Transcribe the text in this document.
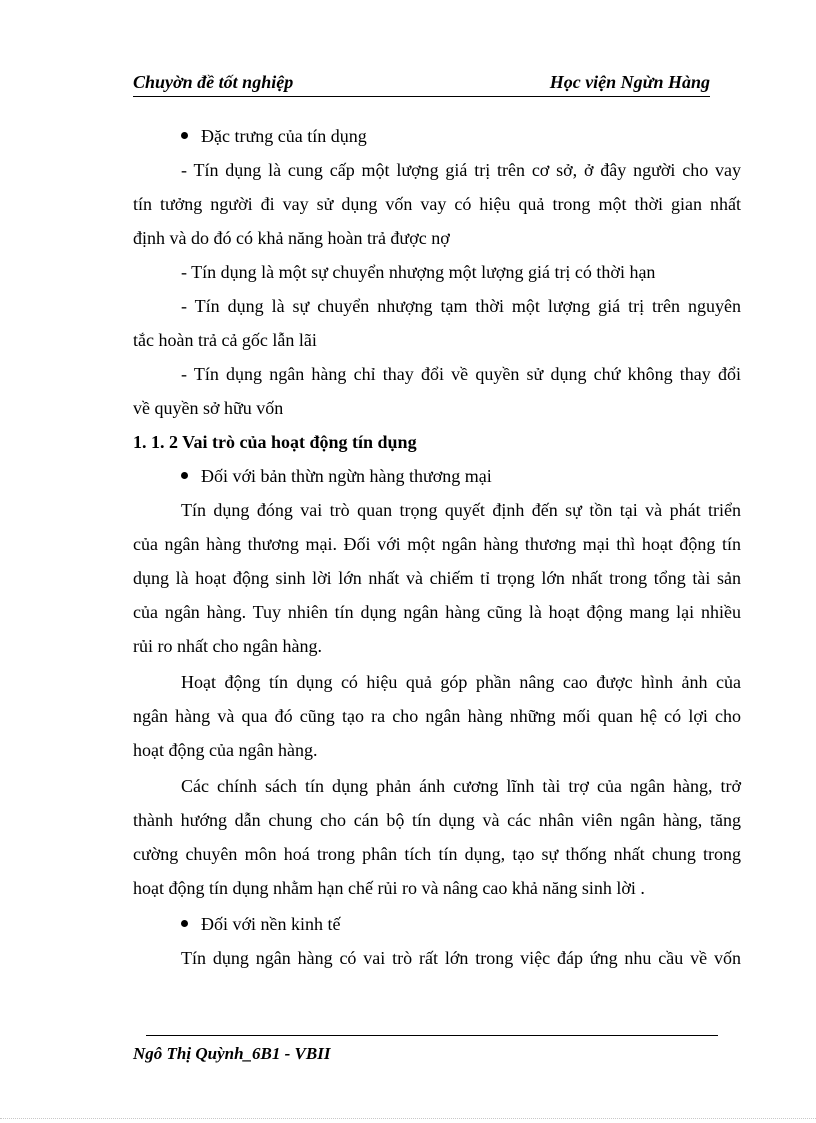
Chuyờn đề tốt nghiệp	Học viện Ngừn Hàng
Đặc trưng của tín dụng
- Tín dụng là cung cấp một lượng giá trị trên cơ sở, ở đây người cho vay
tín tưởng người đi vay sử dụng vốn vay có hiệu quả trong một thời gian nhất
định và do đó có khả năng hoàn trả được nợ
- Tín dụng là một sự chuyển nhượng một lượng giá trị có thời hạn
- Tín dụng là sự chuyển nhượng tạm thời một lượng giá trị trên nguyên
tắc hoàn trả cả gốc lẫn lãi
- Tín dụng ngân hàng chỉ thay đổi về quyền sử dụng chứ không thay đổi
về quyền sở hữu vốn
1. 1. 2 Vai trò của hoạt động tín dụng
Đối với bản thừn ngừn hàng thương mại
Tín dụng đóng vai trò quan trọng quyết định đến sự tồn tại và phát triển
của ngân hàng thương mại. Đối với một ngân hàng thương mại thì hoạt động tín
dụng là hoạt động sinh lời lớn nhất và chiếm tỉ trọng lớn nhất trong tổng tài sản
của ngân hàng. Tuy nhiên tín dụng ngân hàng cũng là hoạt động mang lại nhiều
rủi ro nhất cho ngân hàng.
Hoạt động tín dụng có hiệu quả góp phần nâng cao được hình ảnh của
ngân hàng và qua đó cũng tạo ra cho ngân hàng những mối quan hệ có lợi cho
hoạt động của ngân hàng.
Các chính sách tín dụng phản ánh cương lĩnh tài trợ của ngân hàng, trở
thành hướng dẫn chung cho cán bộ tín dụng và các nhân viên ngân hàng, tăng
cường chuyên môn hoá trong phân tích tín dụng, tạo sự thống nhất chung trong
hoạt động tín dụng nhằm hạn chế rủi ro và nâng cao khả năng sinh lời .
Đối với nền kinh tế
Tín dụng ngân hàng có vai trò rất lớn trong việc đáp ứng nhu cầu về vốn
Ngô Thị Quỳnh_6B1 - VBII
